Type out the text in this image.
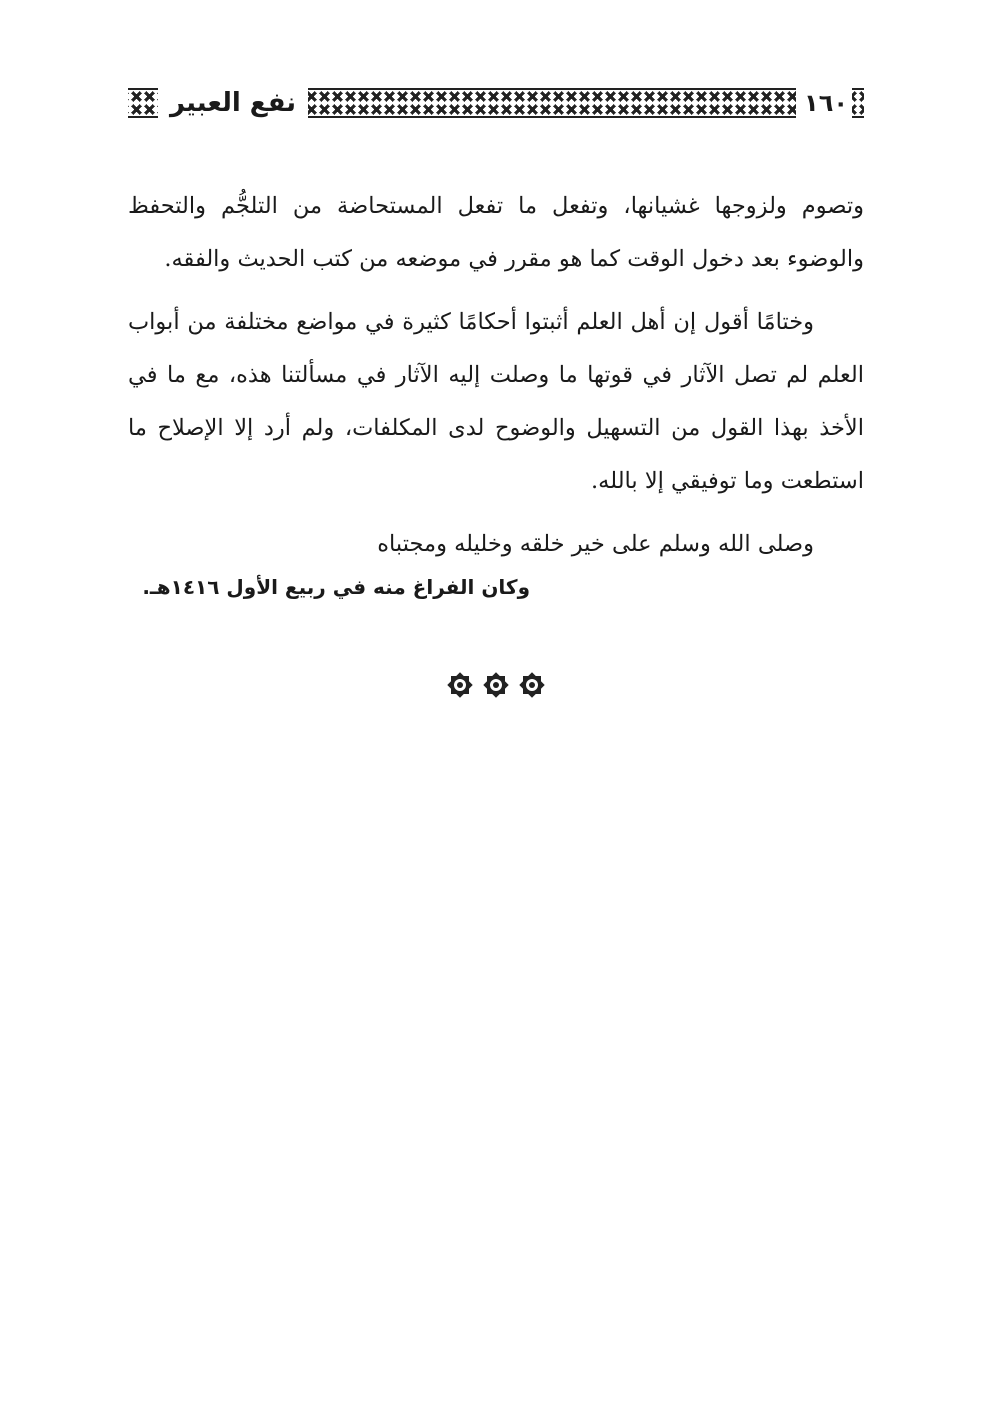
١٦٠
نفع العبير

وتصوم ولزوجها غشيانها، وتفعل ما تفعل المستحاضة من التلجُّم والتحفظ والوضوء بعد دخول الوقت كما هو مقرر في موضعه من كتب الحديث والفقه.

وختامًا أقول إن أهل العلم أثبتوا أحكامًا كثيرة في مواضع مختلفة من أبواب العلم لم تصل الآثار في قوتها ما وصلت إليه الآثار في مسألتنا هذه، مع ما في الأخذ بهذا القول من التسهيل والوضوح لدى المكلفات، ولم أرد إلا الإصلاح ما استطعت وما توفيقي إلا بالله.

وصلى الله وسلم على خير خلقه وخليله ومجتباه

وكان الفراغ منه في ربيع الأول ١٤١٦هـ.
